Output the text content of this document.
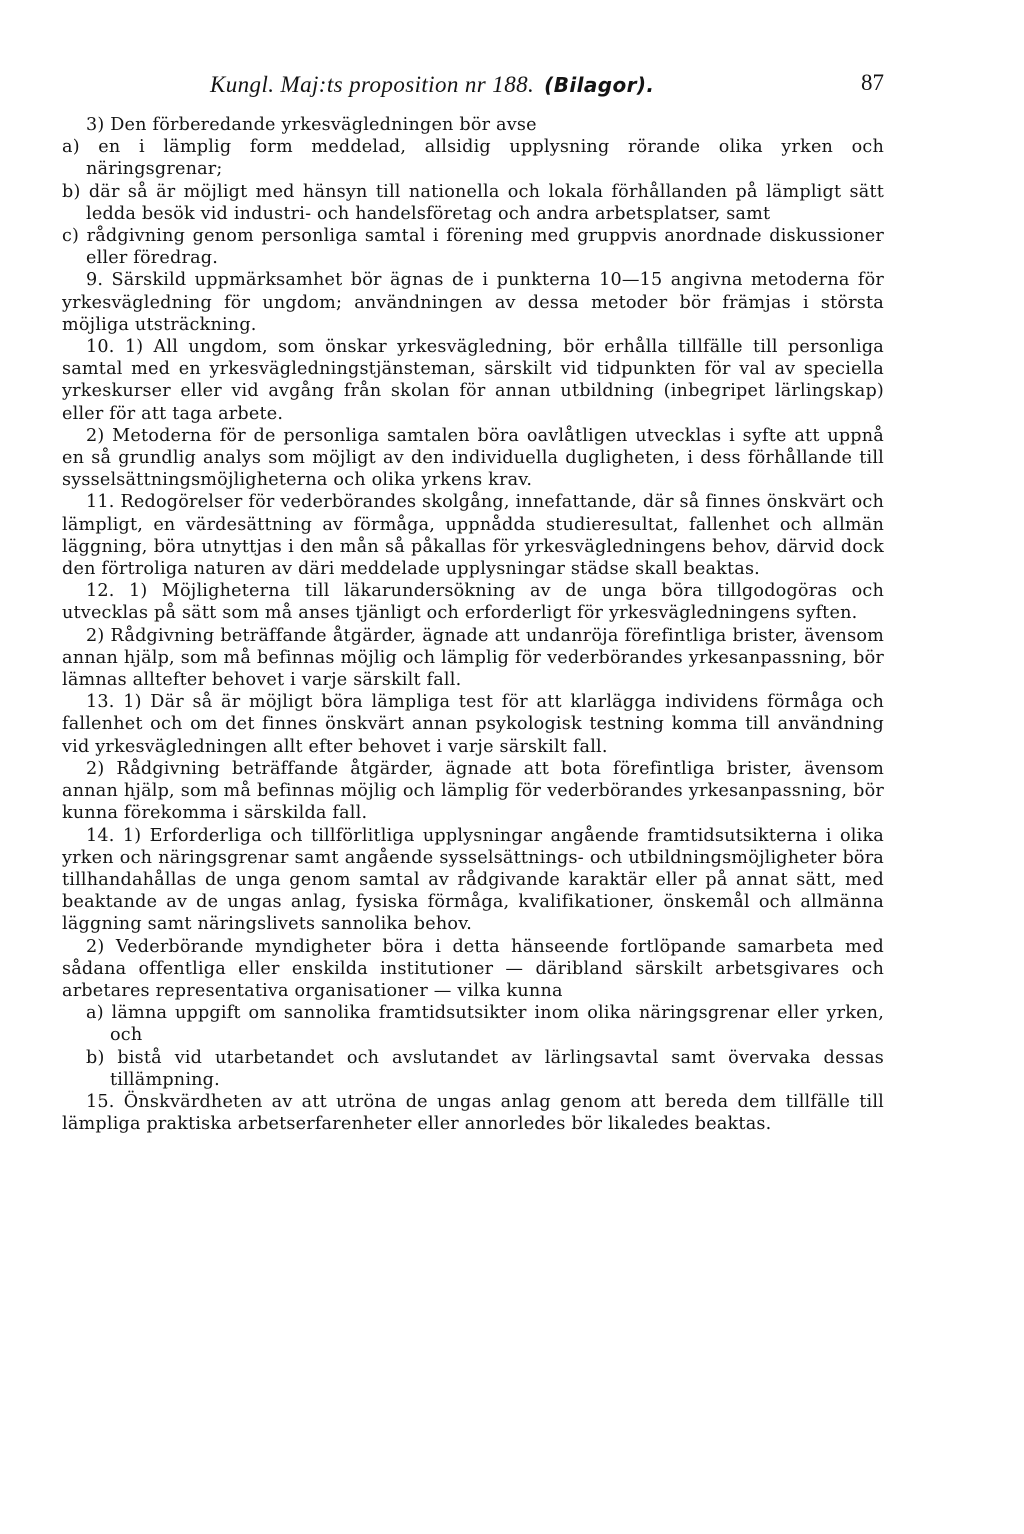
Kungl. Maj:ts proposition nr 188. (Bilagor).	87

3) Den förberedande yrkesvägledningen bör avse

a) en i lämplig form meddelad, allsidig upplysning rörande olika yrken och näringsgrenar;

b) där så är möjligt med hänsyn till nationella och lokala förhållanden på lämpligt sätt ledda besök vid industri- och handelsföretag och andra arbetsplatser, samt

c) rådgivning genom personliga samtal i förening med gruppvis anordnade diskussioner eller föredrag.

9. Särskild uppmärksamhet bör ägnas de i punkterna 10—15 angivna metoderna för yrkesvägledning för ungdom; användningen av dessa metoder bör främjas i största möjliga utsträckning.

10. 1) All ungdom, som önskar yrkesvägledning, bör erhålla tillfälle till personliga samtal med en yrkesvägledningstjänsteman, särskilt vid tidpunkten för val av speciella yrkeskurser eller vid avgång från skolan för annan utbildning (inbegripet lärlingskap) eller för att taga arbete.

2) Metoderna för de personliga samtalen böra oavlåtligen utvecklas i syfte att uppnå en så grundlig analys som möjligt av den individuella dugligheten, i dess förhållande till sysselsättningsmöjligheterna och olika yrkens krav.

11. Redogörelser för vederbörandes skolgång, innefattande, där så finnes önskvärt och lämpligt, en värdesättning av förmåga, uppnådda studieresultat, fallenhet och allmän läggning, böra utnyttjas i den mån så påkallas för yrkesvägledningens behov, därvid dock den förtroliga naturen av däri meddelade upplysningar städse skall beaktas.

12. 1) Möjligheterna till läkarundersökning av de unga böra tillgodogöras och utvecklas på sätt som må anses tjänligt och erforderligt för yrkesvägledningens syften.

2) Rådgivning beträffande åtgärder, ägnade att undanröja förefintliga brister, ävensom annan hjälp, som må befinnas möjlig och lämplig för vederbörandes yrkesanpassning, bör lämnas alltefter behovet i varje särskilt fall.

13. 1) Där så är möjligt böra lämpliga test för att klarlägga individens förmåga och fallenhet och om det finnes önskvärt annan psykologisk testning komma till användning vid yrkesvägledningen allt efter behovet i varje särskilt fall.

2) Rådgivning beträffande åtgärder, ägnade att bota förefintliga brister, ävensom annan hjälp, som må befinnas möjlig och lämplig för vederbörandes yrkesanpassning, bör kunna förekomma i särskilda fall.

14. 1) Erforderliga och tillförlitliga upplysningar angående framtidsutsikterna i olika yrken och näringsgrenar samt angående sysselsättnings- och utbildningsmöjligheter böra tillhandahållas de unga genom samtal av rådgivande karaktär eller på annat sätt, med beaktande av de ungas anlag, fysiska förmåga, kvalifikationer, önskemål och allmänna läggning samt näringslivets sannolika behov.

2) Vederbörande myndigheter böra i detta hänseende fortlöpande samarbeta med sådana offentliga eller enskilda institutioner — däribland särskilt arbetsgivares och arbetares representativa organisationer — vilka kunna

a) lämna uppgift om sannolika framtidsutsikter inom olika näringsgrenar eller yrken, och

b) bistå vid utarbetandet och avslutandet av lärlingsavtal samt övervaka dessas tillämpning.

15. Önskvärdheten av att utröna de ungas anlag genom att bereda dem tillfälle till lämpliga praktiska arbetserfarenheter eller annorledes bör likaledes beaktas.
